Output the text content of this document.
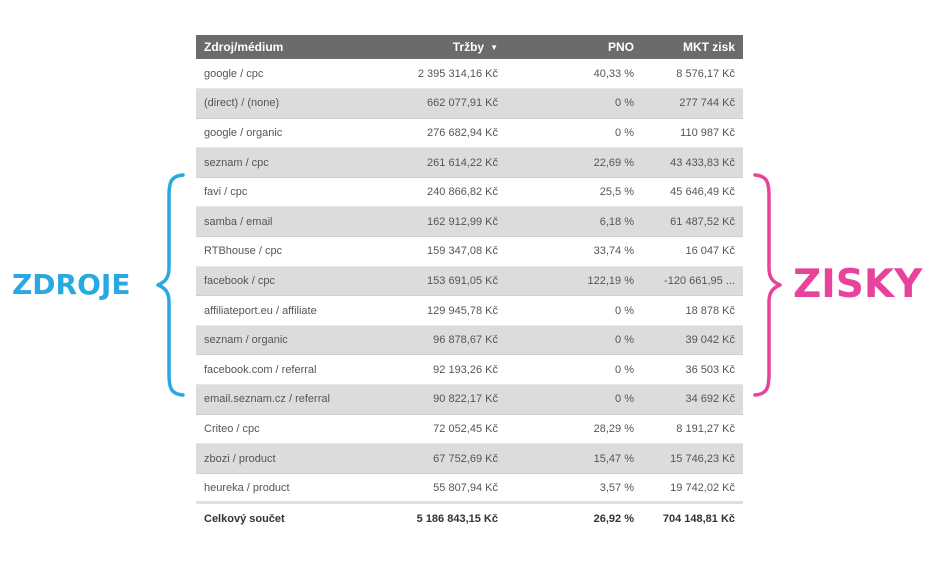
ZDROJE	ZISKY
Zdroj/médium	Tržby ▼	PNO	MKT zisk
google / cpc	2 395 314,16 Kč	40,33 %	8 576,17 Kč
(direct) / (none)	662 077,91 Kč	0 %	277 744 Kč
google / organic	276 682,94 Kč	0 %	110 987 Kč
seznam / cpc	261 614,22 Kč	22,69 %	43 433,83 Kč
favi / cpc	240 866,82 Kč	25,5 %	45 646,49 Kč
samba / email	162 912,99 Kč	6,18 %	61 487,52 Kč
RTBhouse / cpc	159 347,08 Kč	33,74 %	16 047 Kč
facebook / cpc	153 691,05 Kč	122,19 %	-120 661,95 ...
affiliateport.eu / affiliate	129 945,78 Kč	0 %	18 878 Kč
seznam / organic	96 878,67 Kč	0 %	39 042 Kč
facebook.com / referral	92 193,26 Kč	0 %	36 503 Kč
email.seznam.cz / referral	90 822,17 Kč	0 %	34 692 Kč
Criteo / cpc	72 052,45 Kč	28,29 %	8 191,27 Kč
zbozi / product	67 752,69 Kč	15,47 %	15 746,23 Kč
heureka / product	55 807,94 Kč	3,57 %	19 742,02 Kč
Celkový součet	5 186 843,15 Kč	26,92 %	704 148,81 Kč
